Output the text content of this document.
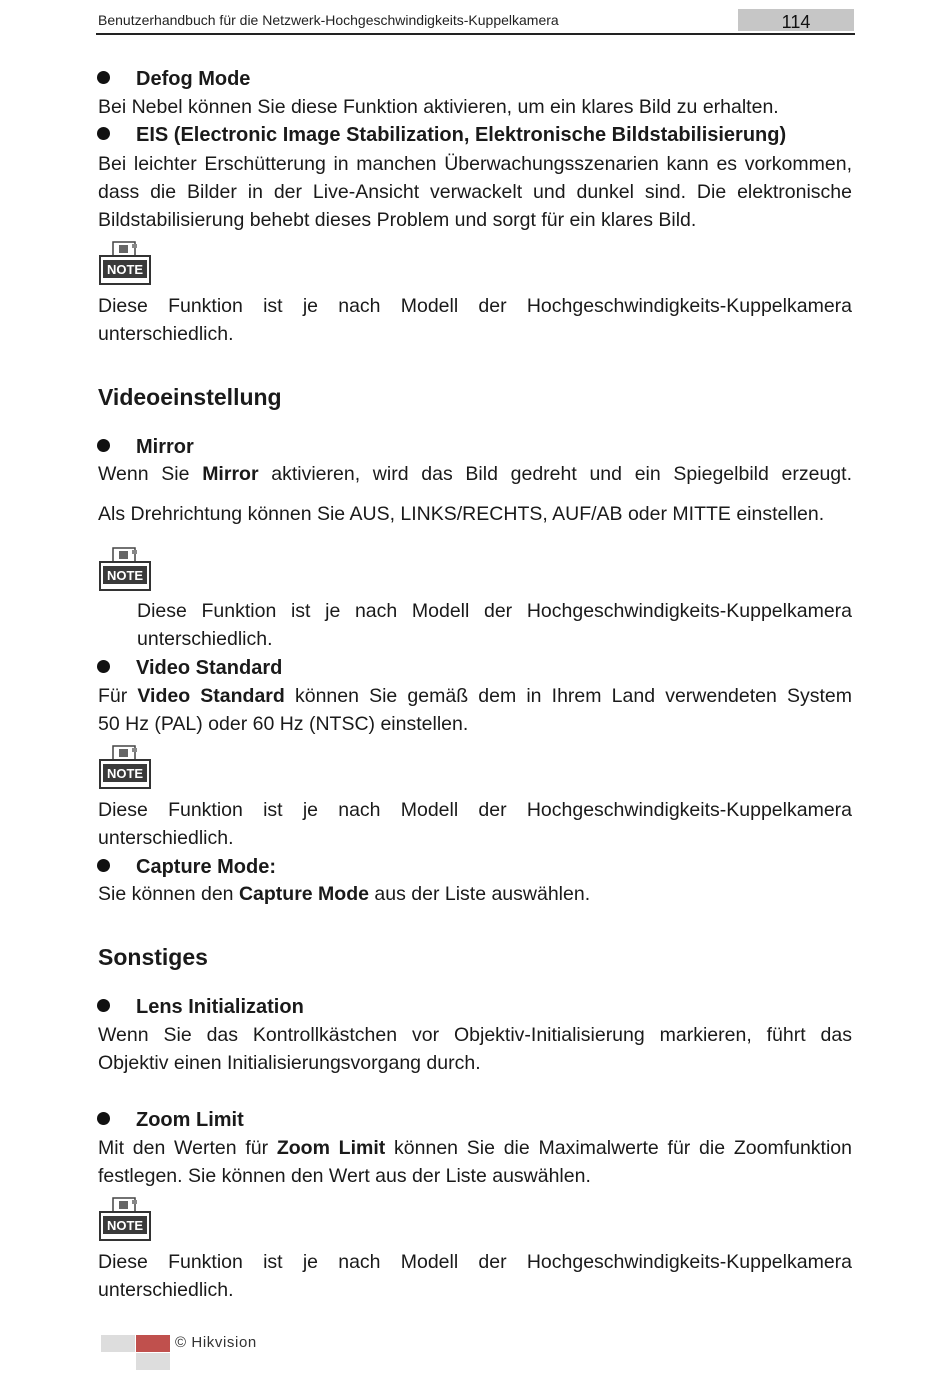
Benutzerhandbuch für die Netzwerk-Hochgeschwindigkeits-Kuppelkamera	114
Defog Mode
Bei Nebel können Sie diese Funktion aktivieren, um ein klares Bild zu erhalten.
EIS (Electronic Image Stabilization, Elektronische Bildstabilisierung)
Bei leichter Erschütterung in manchen Überwachungsszenarien kann es vorkommen,
dass die Bilder in der Live-Ansicht verwackelt und dunkel sind. Die elektronische
Bildstabilisierung behebt dieses Problem und sorgt für ein klares Bild.
NOTE
Diese Funktion ist je nach Modell der Hochgeschwindigkeits-Kuppelkamera
unterschiedlich.
Videoeinstellung
Mirror
Wenn Sie Mirror aktivieren, wird das Bild gedreht und ein Spiegelbild erzeugt.
Als Drehrichtung können Sie AUS, LINKS/RECHTS, AUF/AB oder MITTE einstellen.
NOTE
Diese Funktion ist je nach Modell der Hochgeschwindigkeits-Kuppelkamera
unterschiedlich.
Video Standard
Für Video Standard können Sie gemäß dem in Ihrem Land verwendeten System
50 Hz (PAL) oder 60 Hz (NTSC) einstellen.
NOTE
Diese Funktion ist je nach Modell der Hochgeschwindigkeits-Kuppelkamera
unterschiedlich.
Capture Mode:
Sie können den Capture Mode aus der Liste auswählen.
Sonstiges
Lens Initialization
Wenn Sie das Kontrollkästchen vor Objektiv-Initialisierung markieren, führt das
Objektiv einen Initialisierungsvorgang durch.
Zoom Limit
Mit den Werten für Zoom Limit können Sie die Maximalwerte für die Zoomfunktion
festlegen. Sie können den Wert aus der Liste auswählen.
NOTE
Diese Funktion ist je nach Modell der Hochgeschwindigkeits-Kuppelkamera
unterschiedlich.
© Hikvision
